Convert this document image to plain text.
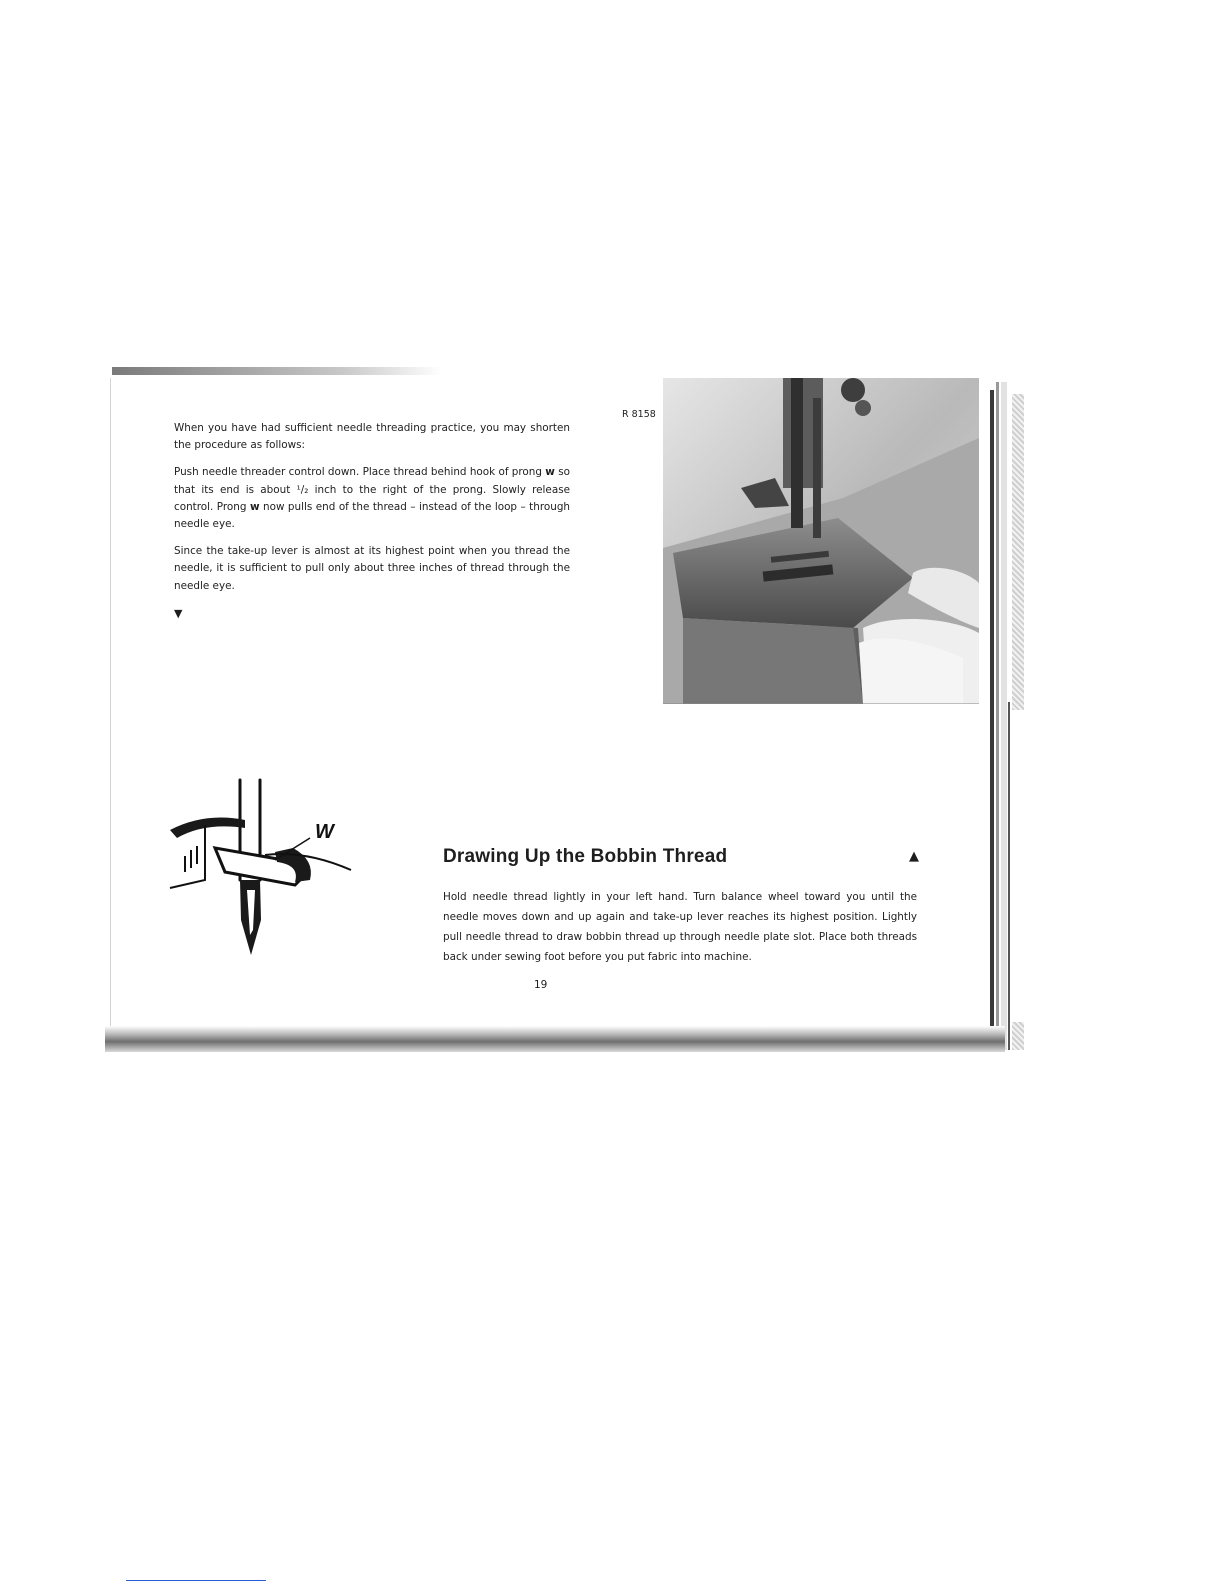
When you have had sufficient needle threading practice, you may shorten the procedure as follows:

Push needle threader control down. Place thread behind hook of prong w so that its end is about ¹/₂ inch to the right of the prong. Slowly release control. Prong w now pulls end of the thread – instead of the loop – through needle eye.

Since the take-up lever is almost at its highest point when you thread the needle, it is sufficient to pull only about three inches of thread through the needle eye.

▼
R 8158
W
Drawing Up the Bobbin Thread	▲
Hold needle thread lightly in your left hand. Turn balance wheel toward you until the needle moves down and up again and take-up lever reaches its highest position. Lightly pull needle thread to draw bobbin thread up through needle plate slot. Place both threads back under sewing foot before you put fabric into machine.
19
